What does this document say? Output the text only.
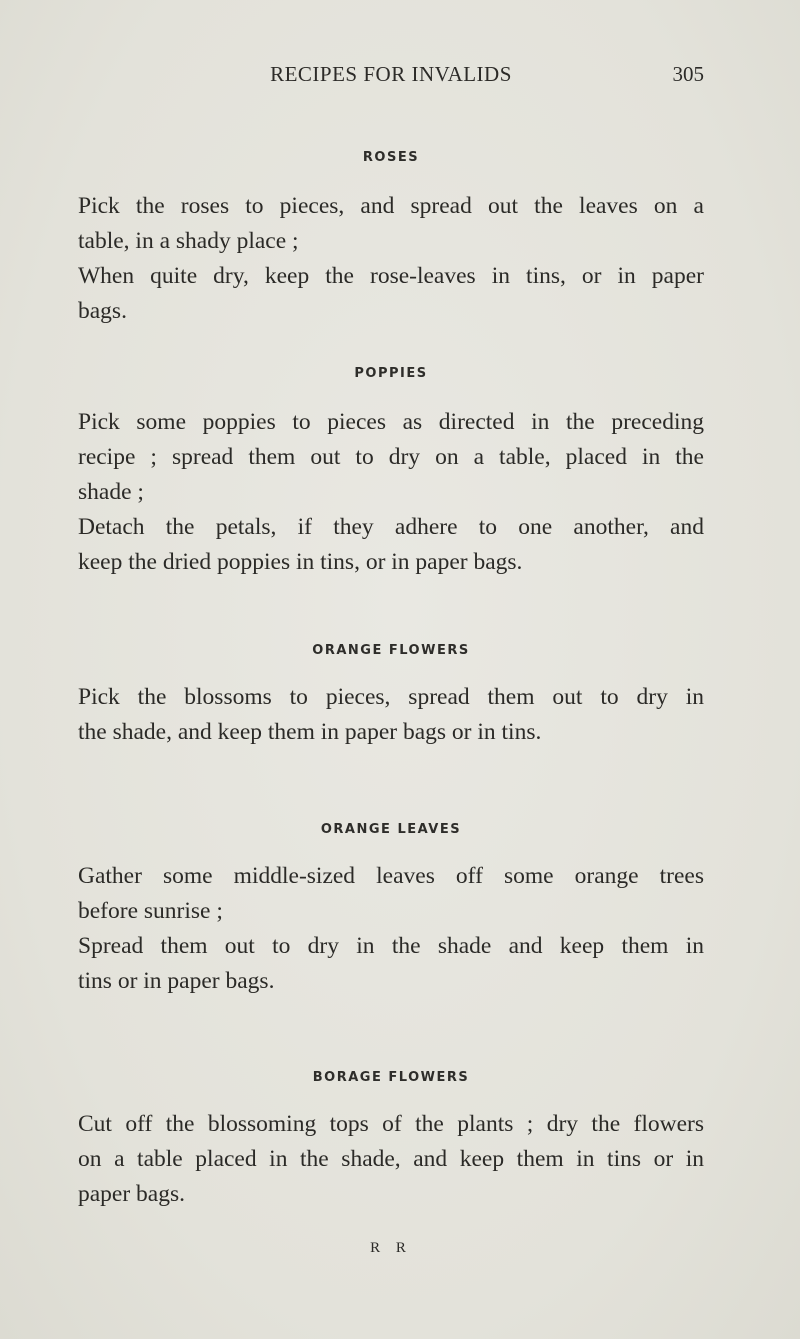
RECIPES FOR INVALIDS	305
ROSES
Pick the roses to pieces, and spread out the leaves on a
table, in a shady place ;
When quite dry, keep the rose-leaves in tins, or in paper
bags.
POPPIES
Pick some poppies to pieces as directed in the preceding
recipe ; spread them out to dry on a table, placed in the
shade ;
Detach the petals, if they adhere to one another, and
keep the dried poppies in tins, or in paper bags.
ORANGE FLOWERS
Pick the blossoms to pieces, spread them out to dry in
the shade, and keep them in paper bags or in tins.
ORANGE LEAVES
Gather some middle-sized leaves off some orange trees
before sunrise ;
Spread them out to dry in the shade and keep them in
tins or in paper bags.
BORAGE FLOWERS
Cut off the blossoming tops of the plants ; dry the flowers
on a table placed in the shade, and keep them in tins or in
paper bags.
R R
